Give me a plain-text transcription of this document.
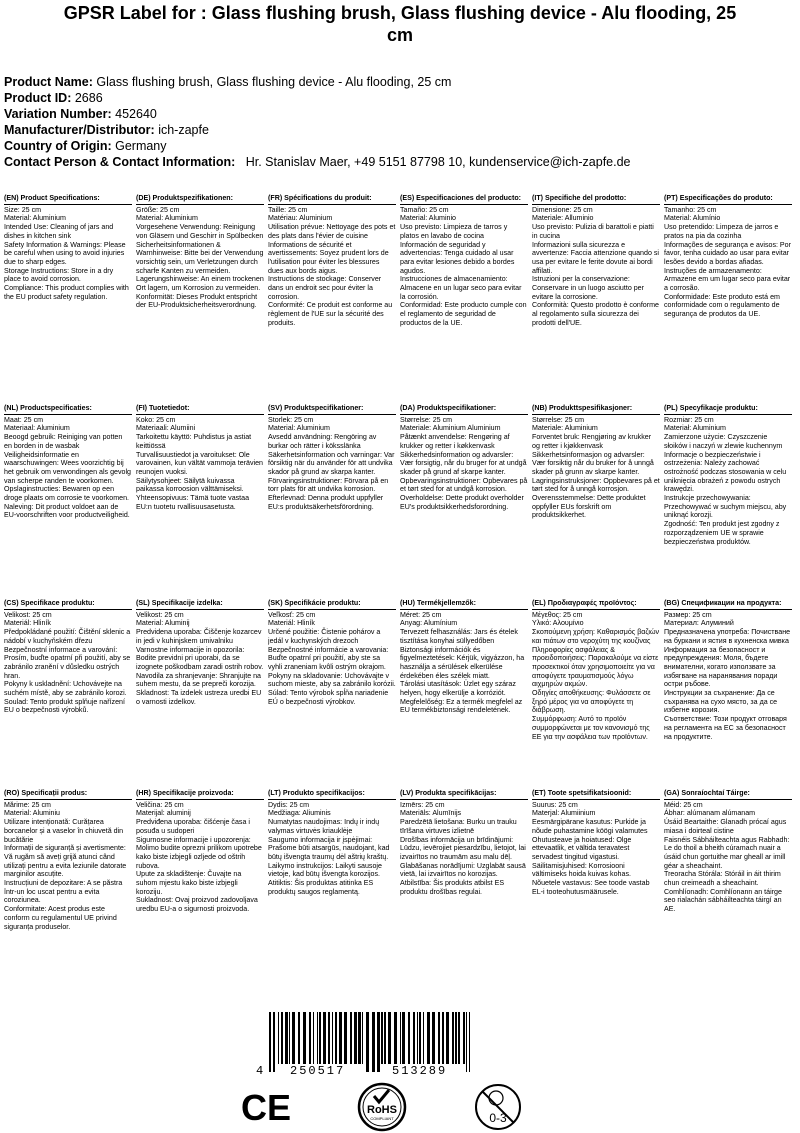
GPSR Label for : Glass flushing brush, Glass flushing device - Alu flooding, 25 cm
Product Name: Glass flushing brush, Glass flushing device - Alu flooding, 25 cm
Product ID: 2686
Variation Number: 452640
Manufacturer/Distributor: ich-zapfe
Country of Origin: Germany
Contact Person & Contact Information: Hr. Stanislav Maer, +49 5151 87798 10, kundenservice@ich-zapfe.de
(EN) Product Specifications:
Size: 25 cm
Material: Aluminium
Intended Use: Cleaning of jars and dishes in kitchen sink
Safety Information & Warnings: Please be careful when using to avoid injuries due to sharp edges.
Storage Instructions: Store in a dry place to avoid corrosion.
Compliance: This product complies with the EU product safety regulation.
(DE) Produktspezifikationen:
Größe: 25 cm
Material: Aluminium
Vorgesehene Verwendung: Reinigung von Gläsern und Geschirr in Spülbecken
Sicherheitsinformationen & Warnhinweise: Bitte bei der Verwendung vorsichtig sein, um Verletzungen durch scharfe Kanten zu vermeiden.
Lagerungshinweise: An einem trockenen Ort lagern, um Korrosion zu vermeiden.
Konformität: Dieses Produkt entspricht der EU-Produktsicherheitsverordnung.
(FR) Spécifications du produit:
Taille: 25 cm
Matériau: Aluminium
Utilisation prévue: Nettoyage des pots et des plats dans l'évier de cuisine
Informations de sécurité et avertissements: Soyez prudent lors de l'utilisation pour éviter les blessures dues aux bords aigus.
Instructions de stockage: Conserver dans un endroit sec pour éviter la corrosion.
Conformité: Ce produit est conforme au règlement de l'UE sur la sécurité des produits.
(ES) Especificaciones del producto:
Tamaño: 25 cm
Material: Aluminio
Uso previsto: Limpieza de tarros y platos en lavabo de cocina
Información de seguridad y advertencias: Tenga cuidado al usar para evitar lesiones debido a bordes agudos.
Instrucciones de almacenamiento: Almacene en un lugar seco para evitar la corrosión.
Conformidad: Este producto cumple con el reglamento de seguridad de productos de la UE.
(IT) Specifiche del prodotto:
Dimensione: 25 cm
Materiale: Alluminio
Uso previsto: Pulizia di barattoli e piatti in cucina
Informazioni sulla sicurezza e avvertenze: Faccia attenzione quando si usa per evitare le ferite dovute ai bordi affilati.
Istruzioni per la conservazione: Conservare in un luogo asciutto per evitare la corrosione.
Conformità: Questo prodotto è conforme al regolamento sulla sicurezza dei prodotti dell'UE.
(PT) Especificações do produto:
Tamanho: 25 cm
Material: Alumínio
Uso pretendido: Limpeza de jarros e pratos na pia da cozinha
Informações de segurança e avisos: Por favor, tenha cuidado ao usar para evitar lesões devido a bordas afiadas.
Instruções de armazenamento: Armazene em um lugar seco para evitar a corrosão.
Conformidade: Este produto está em conformidade com o regulamento de segurança de produtos da UE.
(NL) Productspecificaties:
Maat: 25 cm
Materiaal: Aluminium
Beoogd gebruik: Reiniging van potten en borden in de wasbak
Veiligheidsinformatie en waarschuwingen: Wees voorzichtig bij het gebruik om verwondingen als gevolg van scherpe randen te voorkomen.
Opslaginstructies: Bewaren op een droge plaats om corrosie te voorkomen.
Naleving: Dit product voldoet aan de EU-voorschriften voor productveiligheid.
(FI) Tuotetiedot:
Koko: 25 cm
Materiaali: Alumiini
Tarkoitettu käyttö: Puhdistus ja astiat keittiössä
Turvallisuustiedot ja varoitukset: Ole varovainen, kun vältät vammoja terävien reunojen vuoksi.
Säilytysohjeet: Säilytä kuivassa paikassa korroosion välttämiseksi.
Yhteensopivuus: Tämä tuote vastaa EU:n tuotetu rvallisuusasetusta.
(SV) Produktspecifikationer:
Storlek: 25 cm
Material: Aluminium
Avsedd användning: Rengöring av burkar och rätter i köksslänka
Säkerhetsinformation och varningar: Var försiktig när du använder för att undvika skador på grund av skarpa kanter.
Förvaringsinstruktioner: Förvara på en torr plats för att undvika korrosion.
Efterlevnad: Denna produkt uppfyller EU:s produktsäkerhetsförordning.
(DA) Produktspecifikationer:
Størrelse: 25 cm
Materiale: Aluminium Aluminium
Påtænkt anvendelse: Rengøring af krukker og retter i køkkenvask
Sikkerhedsinformation og advarsler: Vær forsigtig, når du bruger for at undgå skader på grund af skarpe kanter.
Opbevaringsinstruktioner: Opbevares på et tørt sted for at undgå korrosion.
Overholdelse: Dette produkt overholder EU's produktsikkerhedsforordning.
(NB) Produkttspesifikasjoner:
Størrelse: 25 cm
Materiale: Aluminium
Forventet bruk: Rengjøring av krukker og retter i kjøkkenvask
Sikkerhetsinformasjon og advarsler: Vær forsiktig når du bruker for å unngå skader på grunn av skarpe kanter.
Lagringsinstruksjoner: Oppbevares på et tørt sted for å unngå korrosjon.
Overensstemmelse: Dette produktet oppfyller EUs forskrift om produktsikkerhet.
(PL) Specyfikacje produktu:
Rozmiar: 25 cm
Materiał: Aluminium
Zamierzone użycie: Czyszczenie słoików i naczyń w zlewie kuchennym
Informacje o bezpieczeństwie i ostrzeżenia: Należy zachować ostrożność podczas stosowania w celu uniknięcia obrażeń z powodu ostrych krawędzi.
Instrukcje przechowywania: Przechowywać w suchym miejscu, aby uniknąć korozji.
Zgodność: Ten produkt jest zgodny z rozporządzeniem UE w sprawie bezpieczeństwa produktów.
(CS) Specifikace produktu:
Velikost: 25 cm
Materiál: Hliník
Předpokládané použití: Čištění sklenic a nádobí v kuchyňském dřezu
Bezpečnostní informace a varování: Prosím, buďte opatrní při použití, aby se zabránilo zranění v důsledku ostrých hran.
Pokyny k uskladnění: Uchovávejte na suchém místě, aby se zabránilo korozi.
Soulad: Tento produkt splňuje nařízení EU o bezpečnosti výrobků.
(SL) Specifikacije izdelka:
Velikost: 25 cm
Material: Aluminij
Predvidena uporaba: Čiščenje kozarcev in jedi v kuhinjskem umivalniku
Varnostne informacije in opozorila: Bodite previdni pri uporabi, da se izognete poškodbam zaradi ostrih robov.
Navodila za shranjevanje: Shranjujte na suhem mestu, da se prepreči korozija.
Skladnost: Ta izdelek ustreza uredbi EU o varnosti izdelkov.
(SK) Špecifikácie produktu:
Veľkosť: 25 cm
Materiál: Hliník
Určené použitie: Čistenie pohárov a jedál v kuchynských drezoch
Bezpečnostné informácie a varovania: Buďte opatrní pri použití, aby ste sa vyhli zraneniam kvôli ostrým okrajom.
Pokyny na skladovanie: Uchovávajte v suchom mieste, aby sa zabránilo korózii.
Súlad: Tento výrobok spĺňa nariadenie EÚ o bezpečnosti výrobkov.
(HU) Termékjellemzők:
Méret: 25 cm
Anyag: Alumínium
Tervezett felhasználás: Jars és ételek tisztítása konyhai süllyedőben
Biztonsági információk és figyelmeztetések: Kérjük, vigyázzon, ha használja a sérülések elkerülése érdekében éles szélek miatt.
Tárolási utasítások: Üzlet egy száraz helyen, hogy elkerülje a korróziót.
Megfelelőség: Ez a termék megfelel az EU termékbiztonsági rendeletének.
(EL) Προδιαγραφές προϊόντος:
Μέγεθος: 25 cm
Υλικό: Αλουμίνιο
Σκοπούμενη χρήση: Καθαρισμός βαζιών και πιάτων στο νεροχύτη της κουζίνας
Πληροφορίες ασφάλειας & προειδοποιήσεις: Παρακαλούμε να είστε προσεκτικοί όταν χρησιμοποιείτε για να αποφύγετε τραυματισμούς λόγω αιχμηρών ακμών.
Οδηγίες αποθήκευσης: Φυλάσσετε σε ξηρό μέρος για να αποφύγετε τη διάβρωση.
Συμμόρφωση: Αυτό το προϊόν συμμορφώνεται με τον κανονισμό της ΕΕ για την ασφάλεια των προϊόντων.
(BG) Спецификации на продукта:
Размер: 25 cm
Материал: Алуминий
Предназначена употреба: Почистване на буркани и ястия в кухненска мивка
Информация за безопасност и предупреждения: Моля, бъдете внимателни, когато използвате за избягване на наранявания поради остри ръбове.
Инструкции за съхранение: Да се съхранява на сухо място, за да се избегне корозия.
Съответствие: Този продукт отговаря на регламента на ЕС за безопасност на продуктите.
(RO) Specificații produs:
Mărime: 25 cm
Material: Aluminiu
Utilizare intenționată: Curățarea borcanelor și a vaselor în chiuvetă din bucătărie
Informații de siguranță și avertismente: Vă rugăm să aveți grijă atunci când utilizați pentru a evita leziunile datorate marginilor ascuțite.
Instrucțiuni de depozitare: A se păstra într-un loc uscat pentru a evita coroziunea.
Conformitate: Acest produs este conform cu regulamentul UE privind siguranța produselor.
(HR) Specifikacije proizvoda:
Veličina: 25 cm
Materijal: aluminij
Predviđena uporaba: čišćenje časa i posuđa u sudoperi
Sigurnosne informacije i upozorenja: Molimo budite oprezni prilikom upotrebe kako biste izbjegli ozljede od oštrih rubova.
Upute za skladištenje: Čuvajte na suhom mjestu kako biste izbjegli koroziju.
Sukladnost: Ovaj proizvod zadovoljava uredbu EU-a o sigurnosti proizvoda.
(LT) Produkto specifikacijos:
Dydis: 25 cm
Medžiaga: Aliuminis
Numatytas naudojimas: Indų ir indų valymas virtuvės kriauklėje
Saugumo informacija ir įspėjimai: Prašome būti atsargūs, naudojant, kad būtų išvengta traumų dėl aštrių kraštų.
Laikymo instrukcijos: Laikyti sausoje vietoje, kad būtų išvengta korozijos.
Atitiktis: Šis produktas atitinka ES produktų saugos reglamentą.
(LV) Produkta specifikācijas:
Izmērs: 25 cm
Materiāls: Alumīnijs
Paredzētā lietošana: Burku un trauku tīrīšana virtuves izlietnē
Drošības informācija un brīdinājumi: Lūdzu, ievērojiet piesardzību, lietojot, lai izvairītos no traumām asu malu dēļ.
Glabāšanas norādījumi: Uzglabāt sausā vietā, lai izvairītos no korozijas.
Atbilstība: Šis produkts atbilst ES produktu drošības regulai.
(ET) Toote spetsifikatsioonid:
Suurus: 25 cm
Materjal: Alumiinium
Eesmärgipärane kasutus: Purkide ja nõude puhastamine köögi valamutes
Ohutusteave ja hoiatused: Olge ettevaatlik, et vältida teravatest servadest tingitud vigastusi.
Säilitamisjuhised: Korrosiooni vältimiseks hoida kuivas kohas.
Nõuetele vastavus: See toode vastab EL-i tooteohutusmäärusele.
(GA) Sonraíochtaí Táirge:
Méid: 25 cm
Ábhar: alúmanam alúmanam
Úsáid Beartaithe: Glanadh prócaí agus miasa i doirteal cistine
Faisnéis Sábháilteachta agus Rabhadh: Le do thoil a bheith cúramach nuair a úsáid chun gortuithe mar gheall ar imill géar a sheachaint.
Treoracha Stórála: Stóráil in áit thirim chun creimeadh a sheachaint.
Comhlíonadh: Comhlíonann an táirge seo rialachán sábháilteachta táirgí an AE.
4 250517	513289
CE	RoHS
COMPLIANT	0-3
